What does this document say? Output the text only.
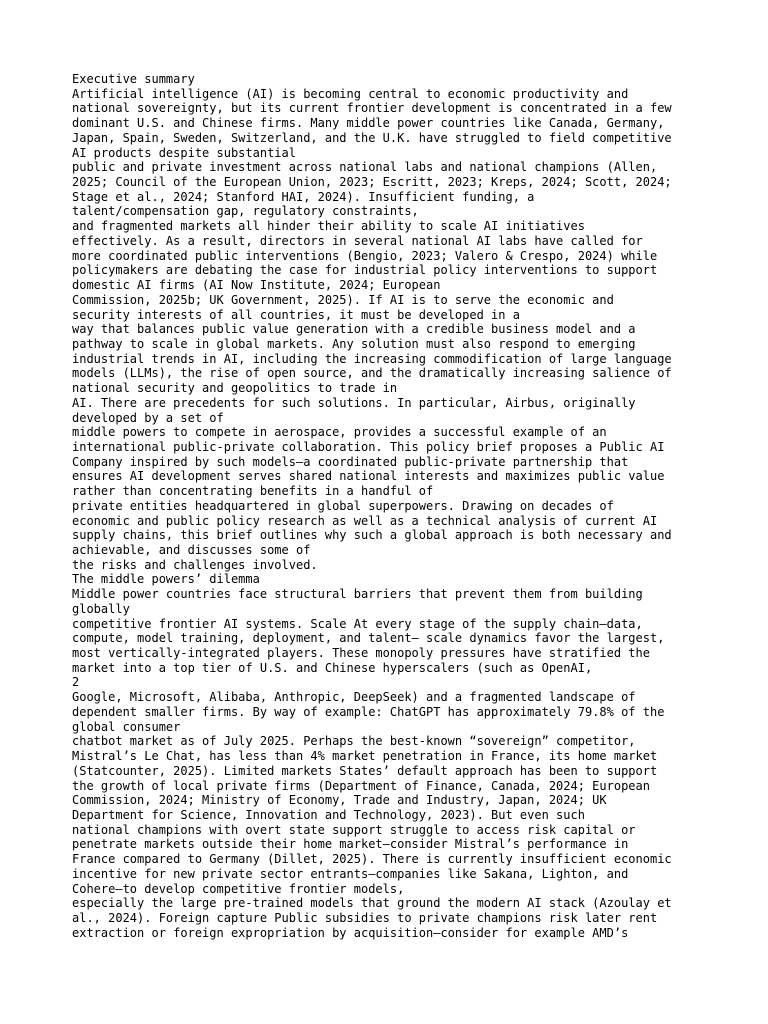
Executive summary
Artificial intelligence (AI) is becoming central to economic productivity and
national sovereignty, but its current frontier development is concentrated in a few
dominant U.S. and Chinese firms. Many middle power countries like Canada, Germany,
Japan, Spain, Sweden, Switzerland, and the U.K. have struggled to field competitive
AI products despite substantial
public and private investment across national labs and national champions (Allen,
2025; Council of the European Union, 2023; Escritt, 2023; Kreps, 2024; Scott, 2024;
Stage et al., 2024; Stanford HAI, 2024). Insufficient funding, a
talent/compensation gap, regulatory constraints,
and fragmented markets all hinder their ability to scale AI initiatives
effectively. As a result, directors in several national AI labs have called for
more coordinated public interventions (Bengio, 2023; Valero & Crespo, 2024) while
policymakers are debating the case for industrial policy interventions to support
domestic AI firms (AI Now Institute, 2024; European
Commission, 2025b; UK Government, 2025). If AI is to serve the economic and
security interests of all countries, it must be developed in a
way that balances public value generation with a credible business model and a
pathway to scale in global markets. Any solution must also respond to emerging
industrial trends in AI, including the increasing commodification of large language
models (LLMs), the rise of open source, and the dramatically increasing salience of
national security and geopolitics to trade in
AI. There are precedents for such solutions. In particular, Airbus, originally
developed by a set of
middle powers to compete in aerospace, provides a successful example of an
international public-private collaboration. This policy brief proposes a Public AI
Company inspired by such models—a coordinated public-private partnership that
ensures AI development serves shared national interests and maximizes public value
rather than concentrating benefits in a handful of
private entities headquartered in global superpowers. Drawing on decades of
economic and public policy research as well as a technical analysis of current AI
supply chains, this brief outlines why such a global approach is both necessary and
achievable, and discusses some of
the risks and challenges involved.
The middle powers’ dilemma
Middle power countries face structural barriers that prevent them from building
globally
competitive frontier AI systems. Scale At every stage of the supply chain—data,
compute, model training, deployment, and talent— scale dynamics favor the largest,
most vertically-integrated players. These monopoly pressures have stratified the
market into a top tier of U.S. and Chinese hyperscalers (such as OpenAI,
2
Google, Microsoft, Alibaba, Anthropic, DeepSeek) and a fragmented landscape of
dependent smaller firms. By way of example: ChatGPT has approximately 79.8% of the
global consumer
chatbot market as of July 2025. Perhaps the best-known “sovereign” competitor,
Mistral’s Le Chat, has less than 4% market penetration in France, its home market
(Statcounter, 2025). Limited markets States’ default approach has been to support
the growth of local private firms (Department of Finance, Canada, 2024; European
Commission, 2024; Ministry of Economy, Trade and Industry, Japan, 2024; UK
Department for Science, Innovation and Technology, 2023). But even such
national champions with overt state support struggle to access risk capital or
penetrate markets outside their home market—consider Mistral’s performance in
France compared to Germany (Dillet, 2025). There is currently insufficient economic
incentive for new private sector entrants—companies like Sakana, Lighton, and
Cohere—to develop competitive frontier models,
especially the large pre-trained models that ground the modern AI stack (Azoulay et
al., 2024). Foreign capture Public subsidies to private champions risk later rent
extraction or foreign expropriation by acquisition—consider for example AMD’s
